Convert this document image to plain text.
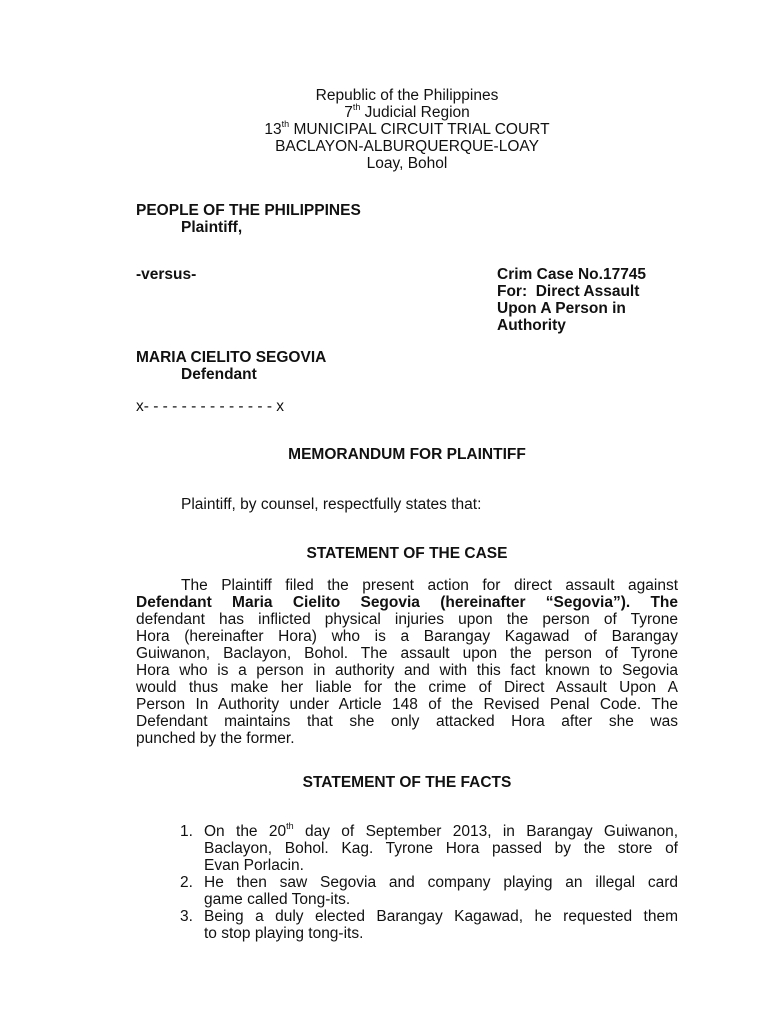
Republic of the Philippines
7th Judicial Region
13th MUNICIPAL CIRCUIT TRIAL COURT
BACLAYON-ALBURQUERQUE-LOAY
Loay, Bohol
PEOPLE OF THE PHILIPPINES
Plaintiff,
-versus-	Crim Case No.17745
For:  Direct Assault
Upon A Person in
Authority
MARIA CIELITO SEGOVIA
Defendant
x- - - - - - - - - - - - - - x
MEMORANDUM FOR PLAINTIFF
Plaintiff, by counsel, respectfully states that:
STATEMENT OF THE CASE
The Plaintiff filed the present action for direct assault against
Defendant Maria Cielito Segovia (hereinafter “Segovia”). The
defendant has inflicted physical injuries upon the person of Tyrone
Hora (hereinafter Hora) who is a Barangay Kagawad of Barangay
Guiwanon, Baclayon, Bohol. The assault upon the person of Tyrone
Hora who is a person in authority and with this fact known to Segovia
would thus make her liable for the crime of Direct Assault Upon A
Person In Authority under Article 148 of the Revised Penal Code. The
Defendant maintains that she only attacked Hora after she was
punched by the former.
STATEMENT OF THE FACTS
1. On the 20th day of September 2013, in Barangay Guiwanon,
Baclayon, Bohol. Kag. Tyrone Hora passed by the store of
Evan Porlacin.
2. He then saw Segovia and company playing an illegal card
game called Tong-its.
3. Being a duly elected Barangay Kagawad, he requested them
to stop playing tong-its.
